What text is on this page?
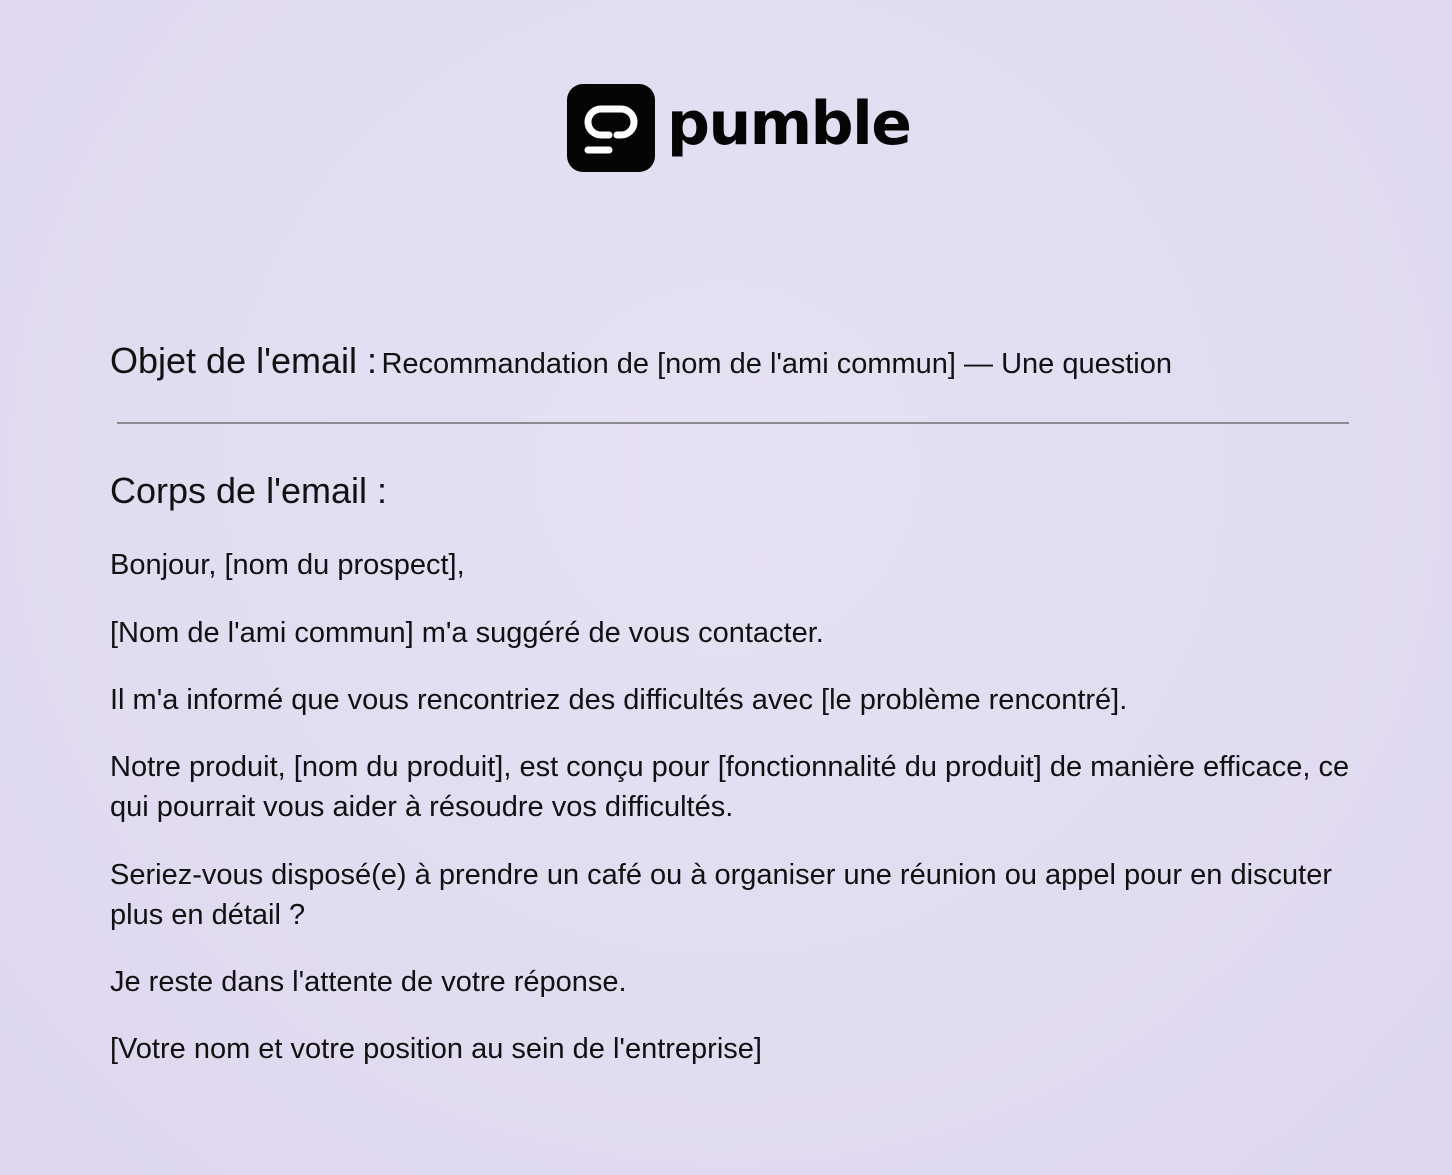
pumble
Objet de l'email : Recommandation de [nom de l'ami commun] — Une question
Corps de l'email :

Bonjour, [nom du prospect],

[Nom de l'ami commun] m'a suggéré de vous contacter.

Il m'a informé que vous rencontriez des difficultés avec [le problème rencontré].

Notre produit, [nom du produit], est conçu pour [fonctionnalité du produit] de manière efficace, ce qui pourrait vous aider à résoudre vos difficultés.

Seriez-vous disposé(e) à prendre un café ou à organiser une réunion ou appel pour en discuter plus en détail ?

Je reste dans l'attente de votre réponse.

[Votre nom et votre position au sein de l'entreprise]
